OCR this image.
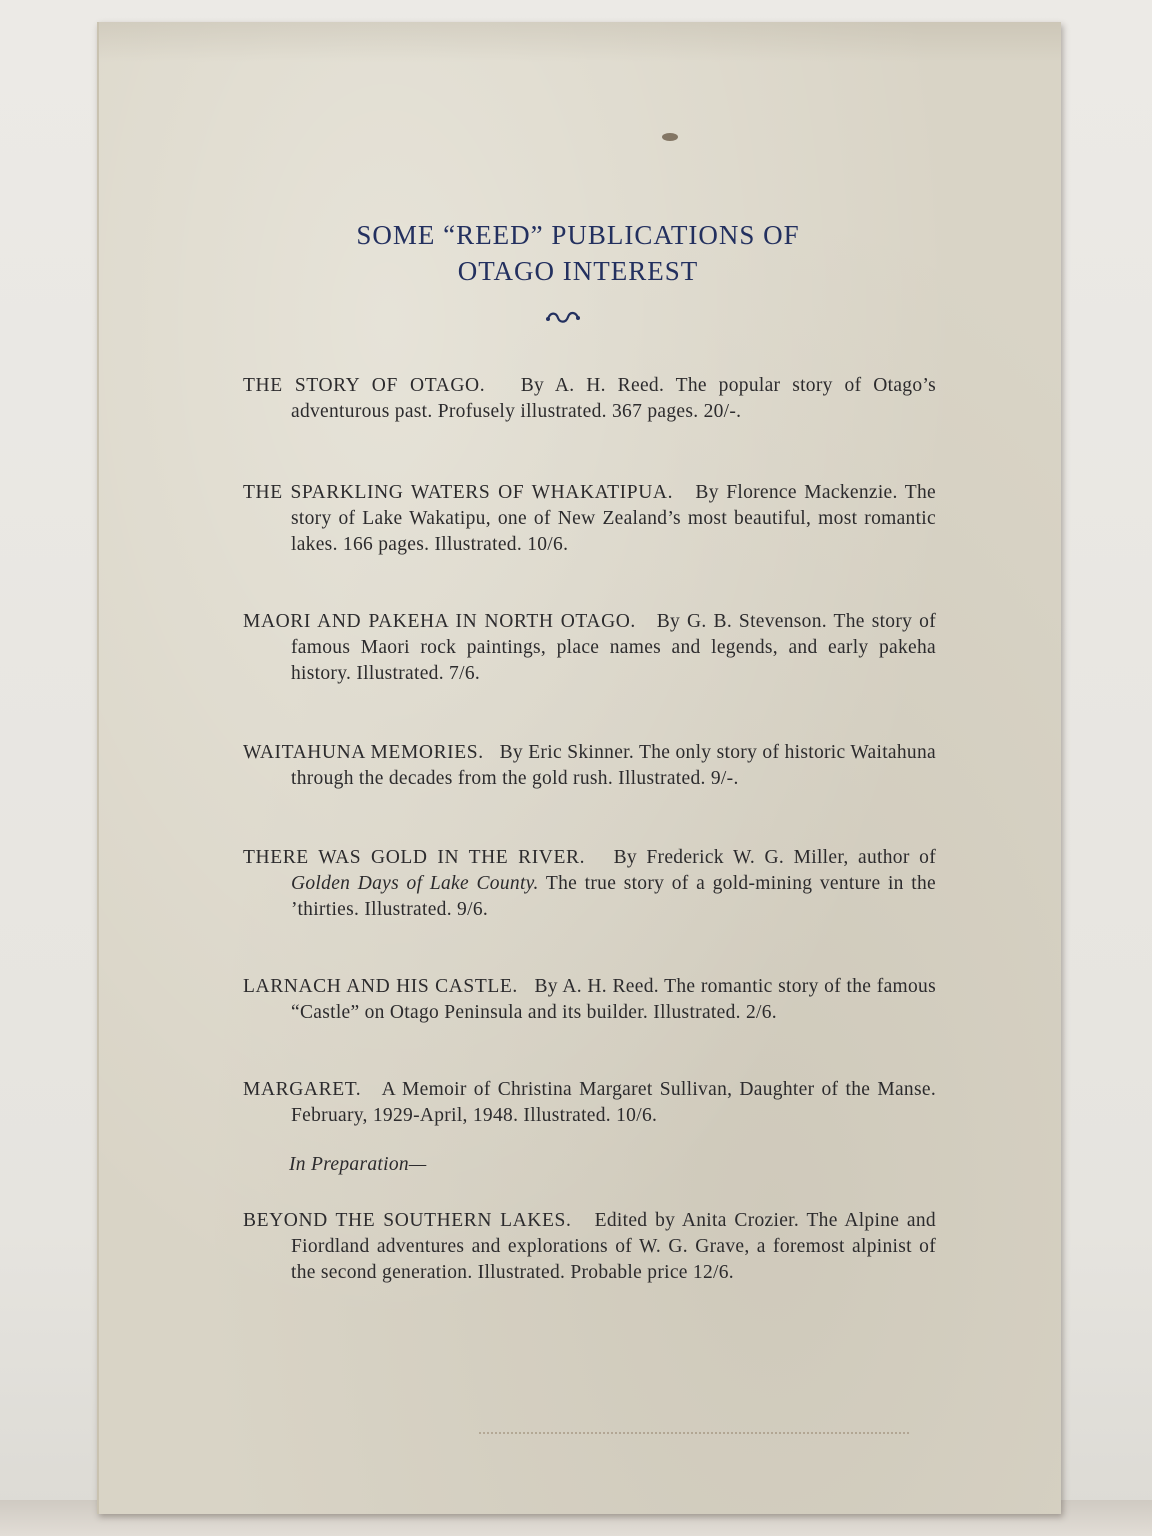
SOME “REED” PUBLICATIONS OF
OTAGO INTEREST
THE STORY OF OTAGO. By A. H. Reed. The popular story of Otago’s adventurous past. Profusely illustrated. 367 pages. 20/-.
THE SPARKLING WATERS OF WHAKATIPUA. By Florence Mackenzie. The story of Lake Wakatipu, one of New Zealand’s most beautiful, most romantic lakes. 166 pages. Illustrated. 10/6.
MAORI AND PAKEHA IN NORTH OTAGO. By G. B. Stevenson. The story of famous Maori rock paintings, place names and legends, and early pakeha history. Illustrated. 7/6.
WAITAHUNA MEMORIES. By Eric Skinner. The only story of historic Waitahuna through the decades from the gold rush. Illustrated. 9/-.
THERE WAS GOLD IN THE RIVER. By Frederick W. G. Miller, author of Golden Days of Lake County. The true story of a gold-mining venture in the ’thirties. Illustrated. 9/6.
LARNACH AND HIS CASTLE. By A. H. Reed. The romantic story of the famous “Castle” on Otago Peninsula and its builder. Illustrated. 2/6.
MARGARET. A Memoir of Christina Margaret Sullivan, Daughter of the Manse. February, 1929-April, 1948. Illustrated. 10/6.
In Preparation—
BEYOND THE SOUTHERN LAKES. Edited by Anita Crozier. The Alpine and Fiordland adventures and explorations of W. G. Grave, a foremost alpinist of the second generation. Illustrated. Probable price 12/6.
